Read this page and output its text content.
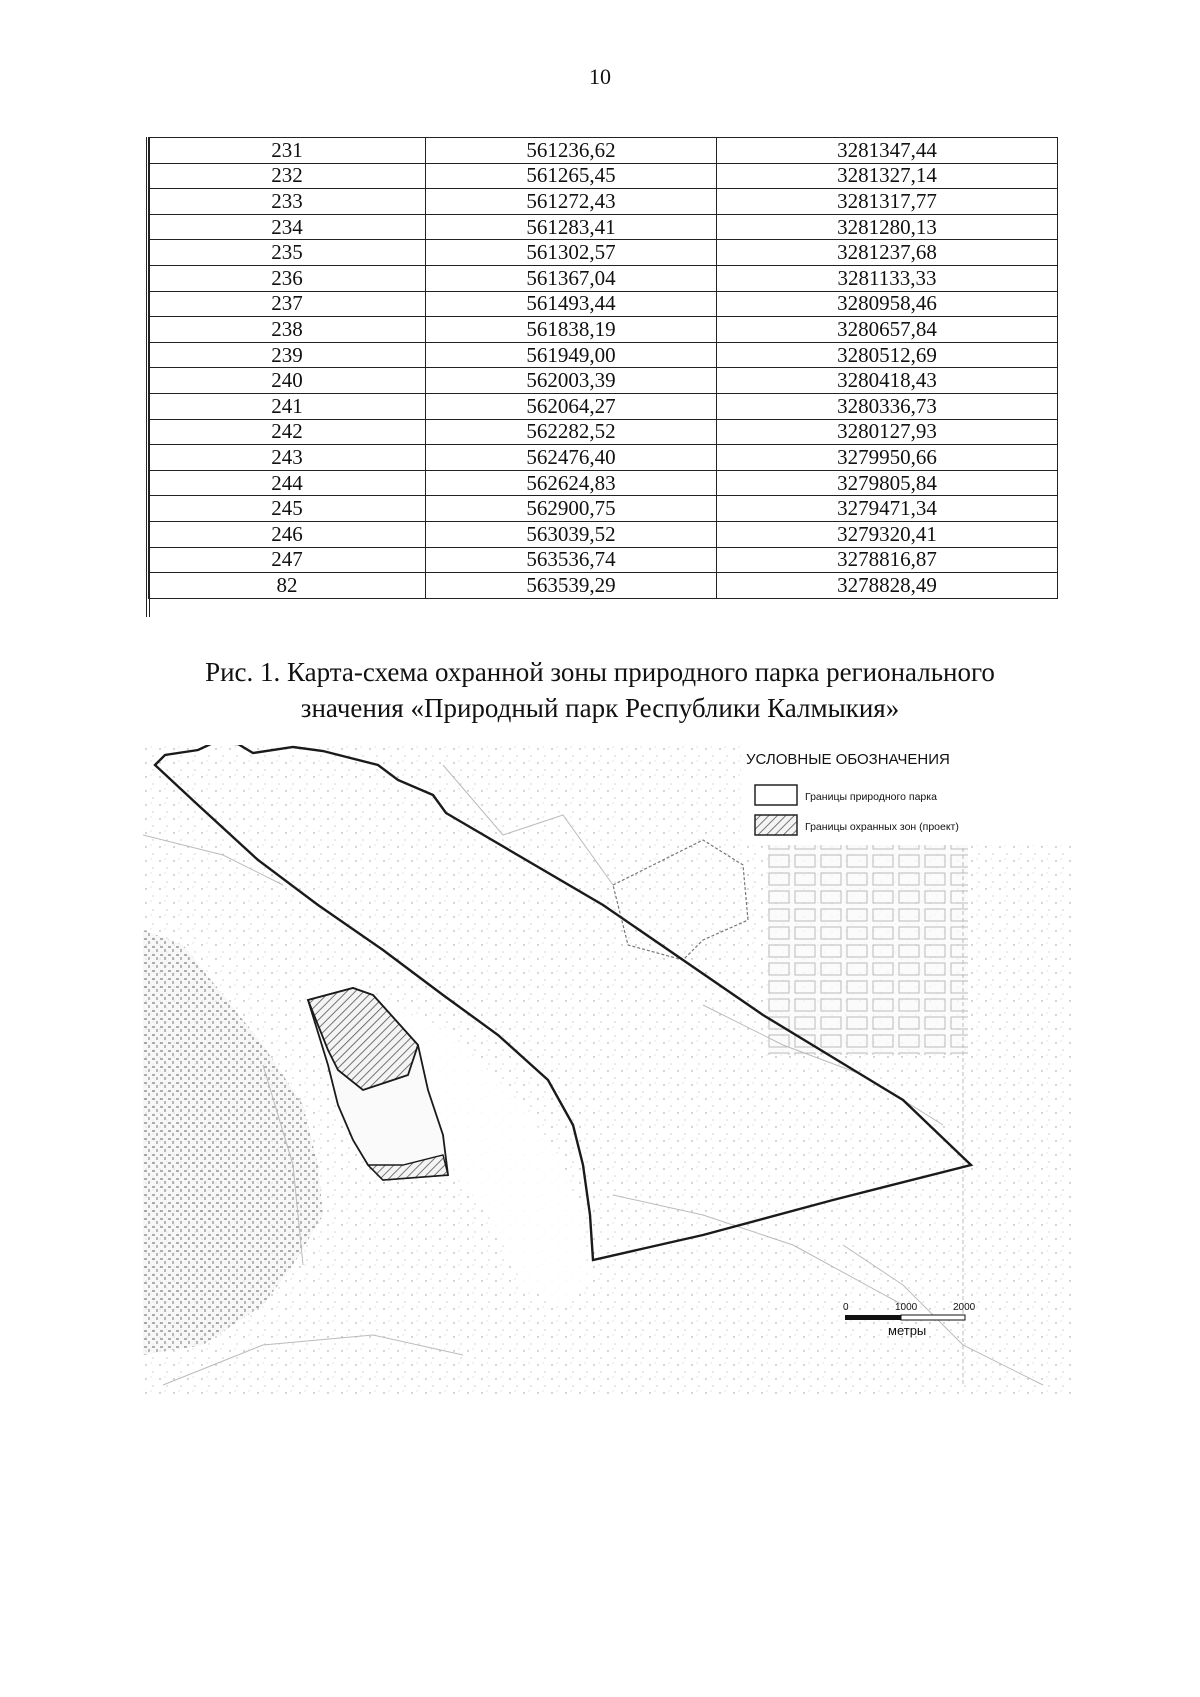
10
231	561236,62	3281347,44
232	561265,45	3281327,14
233	561272,43	3281317,77
234	561283,41	3281280,13
235	561302,57	3281237,68
236	561367,04	3281133,33
237	561493,44	3280958,46
238	561838,19	3280657,84
239	561949,00	3280512,69
240	562003,39	3280418,43
241	562064,27	3280336,73
242	562282,52	3280127,93
243	562476,40	3279950,66
244	562624,83	3279805,84
245	562900,75	3279471,34
246	563039,52	3279320,41
247	563536,74	3278816,87
82	563539,29	3278828,49
Рис. 1. Карта-схема охранной зоны природного парка регионального
значения «Природный парк Республики Калмыкия»
УСЛОВНЫЕ ОБОЗНАЧЕНИЯ
Границы природного парка
Границы охранных зон (проект)
0	1000	2000
метры
